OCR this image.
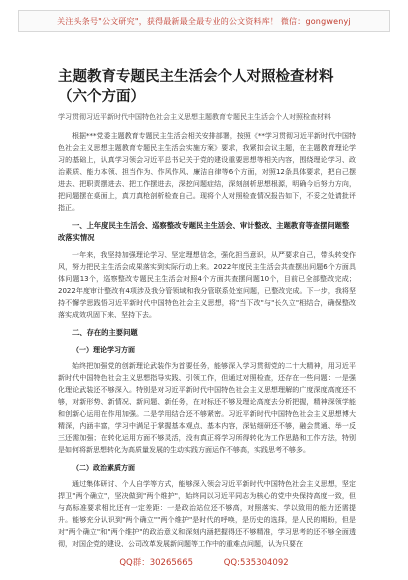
关注头条号"公文研究"，获得最新最全最专业的公文资料库！ 微信：gongwenyj
主题教育专题民主生活会个人对照检查材料（六个方面）
学习贯彻习近平新时代中国特色社会主义思想主题教育专题民主生活会个人对照检查材料

根据***党委主题教育专题民主生活会相关安排部署，按照《**学习贯彻习近平新时代中国特色社会主义思想主题教育专题民主生活会实施方案》要求，我紧扣会议主题，在主题教育理论学习的基础上，认真学习领会习近平总书记关于党的建设重要思想等相关内容，围绕理论学习、政治素质、能力本领、担当作为、作风作风、廉洁自律等6个方面，对照12条具体要求，把自己摆进去、把职责摆进去、把工作摆进去，深挖问题症结，深刻剖析思想根源，明确今后努力方向，把问题摆在桌面上，真刀真枪剖析检查自己。现将个人对照检查情况报告如下，不妥之处请批评指正。

一、上年度民主生活会、巡察整改专题民主生活会、审计整改、主题教育等查摆问题整改落实情况

一年来，我坚持加强理论学习、坚定理想信念，强化担当意识，从严要求自己，带头转变作风，努力把民主生活会成果落实到实际行动上来。2022年度民主生活会共查摆出问题6个方面具体问题13个，巡察整改专题民主生活会对照4个方面共查摆问题10个，目前已全部整改完成；2022年度审计整改有4项涉及我分管领域和我分管联系处室问题，已整改完成。下一步，我将坚持不懈学思践悟习近平新时代中国特色社会主义思想，将"当下改"与"长久立"相结合，确保整改落实成效巩固下来、坚持下去。

二、存在的主要问题
（一）理论学习方面

始终把加强党的创新理论武装作为首要任务，能够深入学习贯彻党的二十大精神，用习近平新时代中国特色社会主义思想指导实践、引领工作，但通过对照检查，还存在一些问题：一是强化理论武装还不够深入。特别是对习近平新时代中国特色社会主义思想理解的广度深度高度还不够，对新形势、新情况、新问题、新任务，在对标还不够及理论高度去分析把握，精神深领学能和创新心运用在作用加强。二是学用结合还不够紧密。习近平新时代中国特色社会主义思想博大精深，内涵丰富，学习中满足于掌握基本观点、基本内容，深钻细研还不够，融会贯通、举一反三还需加强；在转化运用方面不够灵活，没有真正将学习所得转化为工作思路和工作方法，特别是如何将新思想转化为高质量发展的生动实践方面运作不够高，实践思考不够多。

（二）政治素质方面

通过集体研讨、个人自学等方式，能够深入领会习近平新时代中国特色社会主义思想，坚定捍卫"两个确立"，坚决做到"两个维护"，始终同以习近平同志为核心的党中央保持高度一致，但与高标准要求相比还有一定差距：一是政治站位还不够高，对照落实、学以致用的能力还需提升。能够充分认识到"两个确立""两个维护"是时代的呼唤，是历史的选择，是人民的期盼，但是对"两个确立"和"两个维护"的政治意义和深刻内涵把握得还不够精准，学习思考的还不够全面透彻，对国企党的建设、公司改革发展新问题等工作中的重难点问题，认为只要在

QQ群：30265665	QQ:535304092
